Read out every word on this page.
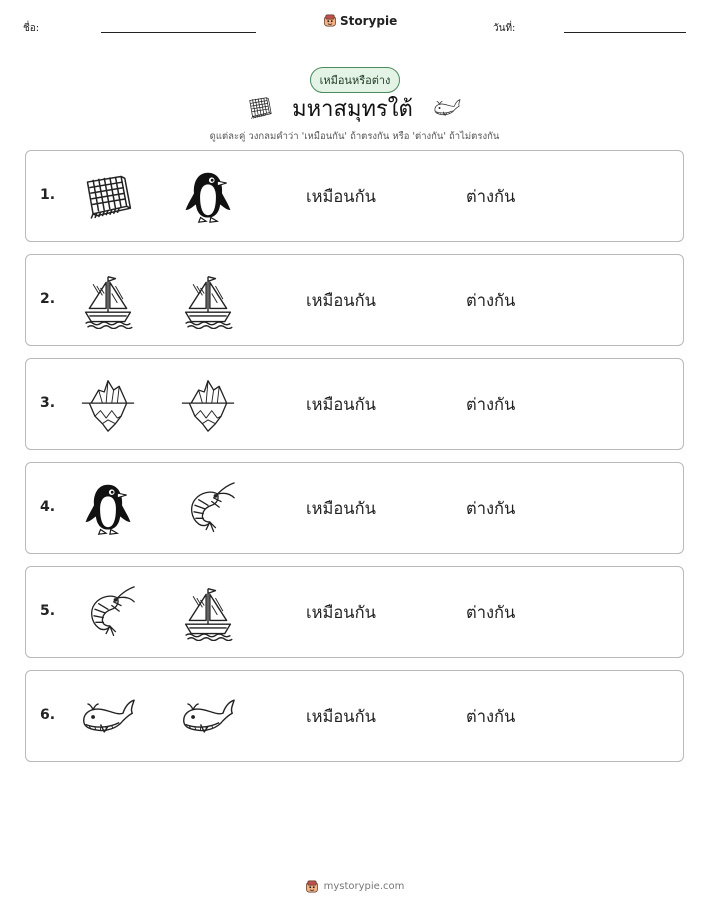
ชื่อ:
Storypie
วันที่:
เหมือนหรือต่าง
มหาสมุทรใต้
ดูแต่ละคู่ วงกลมคำว่า 'เหมือนกัน' ถ้าตรงกัน หรือ 'ต่างกัน' ถ้าไม่ตรงกัน
1.	เหมือนกัน	ต่างกัน
2.	เหมือนกัน	ต่างกัน
3.	เหมือนกัน	ต่างกัน
4.	เหมือนกัน	ต่างกัน
5.	เหมือนกัน	ต่างกัน
6.	เหมือนกัน	ต่างกัน
mystorypie.com
